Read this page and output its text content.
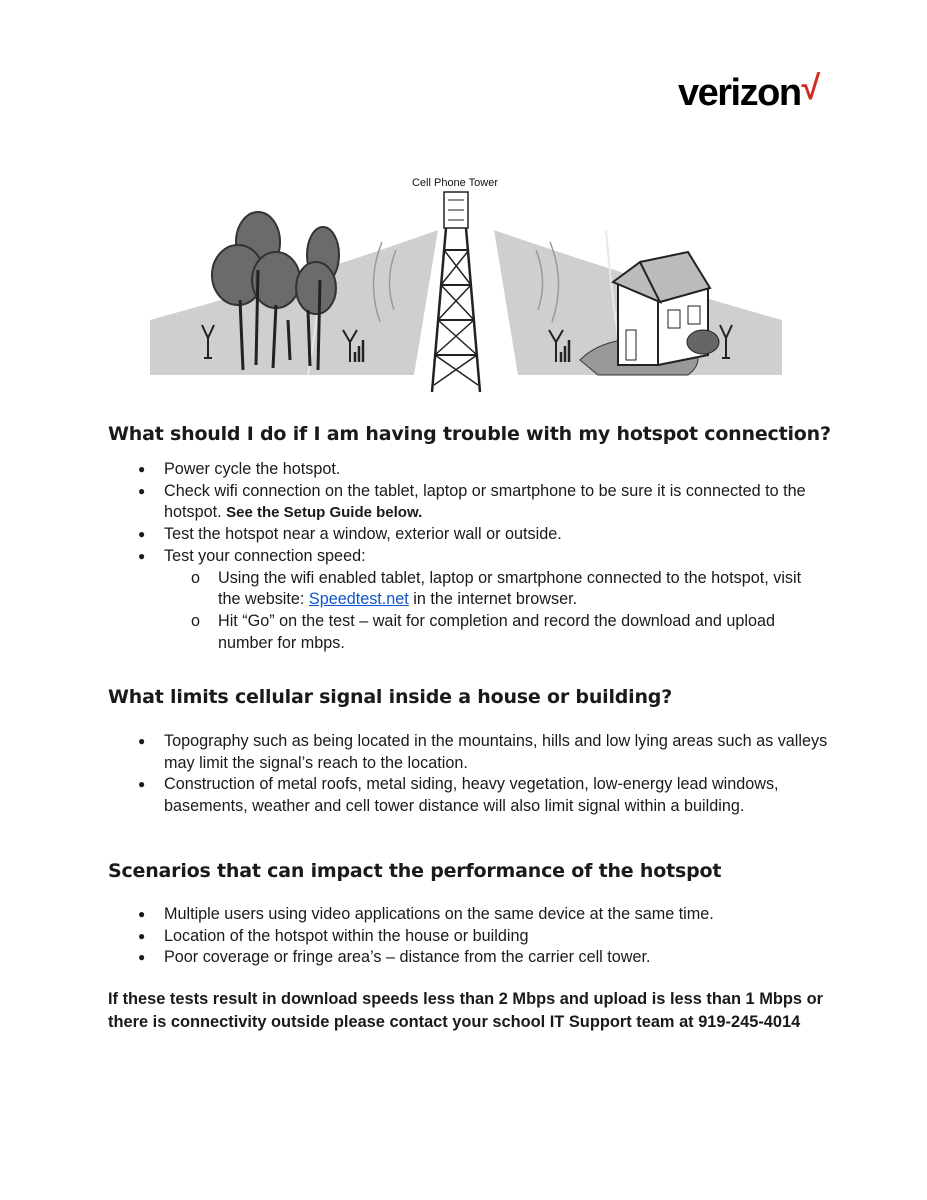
verizon√
Cell Phone Tower
What should I do if I am having trouble with my hotspot connection?
● Power cycle the hotspot.
● Check wifi connection on the tablet, laptop or smartphone to be sure it is connected to the hotspot. See the Setup Guide below.
● Test the hotspot near a window, exterior wall or outside.
● Test your connection speed:
o Using the wifi enabled tablet, laptop or smartphone connected to the hotspot, visit the website: Speedtest.net in the internet browser.
o Hit “Go” on the test – wait for completion and record the download and upload number for mbps.
What limits cellular signal inside a house or building?
● Topography such as being located in the mountains, hills and low lying areas such as valleys may limit the signal’s reach to the location.
● Construction of metal roofs, metal siding, heavy vegetation, low-energy lead windows, basements, weather and cell tower distance will also limit signal within a building.
Scenarios that can impact the performance of the hotspot
● Multiple users using video applications on the same device at the same time.
● Location of the hotspot within the house or building
● Poor coverage or fringe area’s – distance from the carrier cell tower.

If these tests result in download speeds less than 2 Mbps and upload is less than 1 Mbps or there is connectivity outside please contact your school IT Support team at 919-245-4014
